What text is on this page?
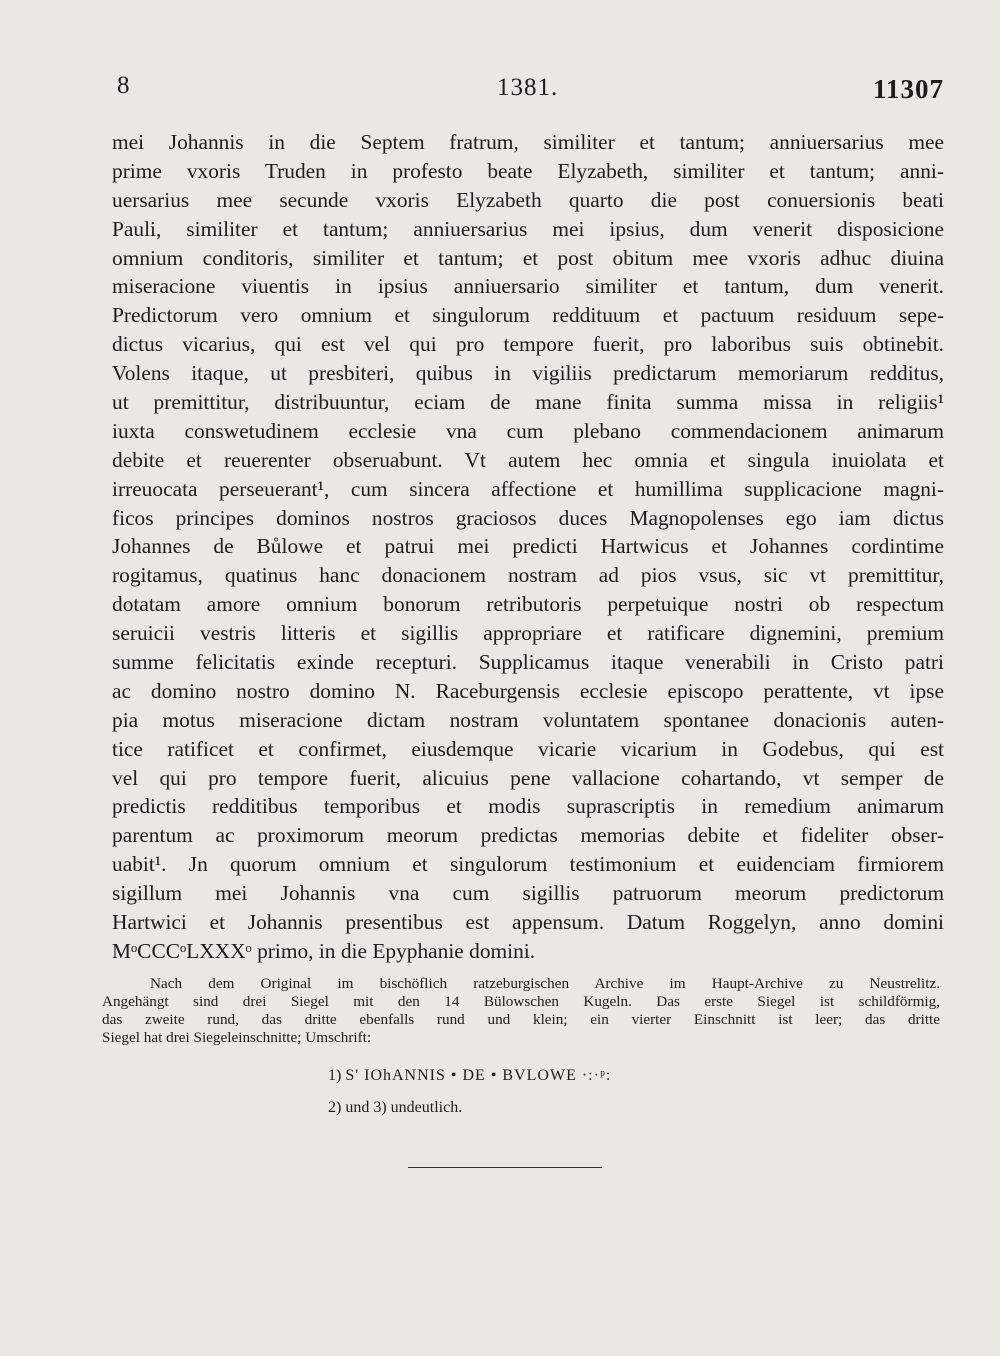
8	1381.	11307
mei Johannis in die Septem fratrum, similiter et tantum; anniuersarius mee
prime vxoris Truden in profesto beate Elyzabeth, similiter et tantum; anni-
uersarius mee secunde vxoris Elyzabeth quarto die post conuersionis beati
Pauli, similiter et tantum; anniuersarius mei ipsius, dum venerit disposicione
omnium conditoris, similiter et tantum; et post obitum mee vxoris adhuc diuina
miseracione viuentis in ipsius anniuersario similiter et tantum, dum venerit.
Predictorum vero omnium et singulorum reddituum et pactuum residuum sepe-
dictus vicarius, qui est vel qui pro tempore fuerit, pro laboribus suis obtinebit.
Volens itaque, ut presbiteri, quibus in vigiliis predictarum memoriarum redditus,
ut premittitur, distribuuntur, eciam de mane finita summa missa in religiis¹
iuxta conswetudinem ecclesie vna cum plebano commendacionem animarum
debite et reuerenter obseruabunt. Vt autem hec omnia et singula inuiolata et
irreuocata perseuerant¹, cum sincera affectione et humillima supplicacione magni-
ficos principes dominos nostros graciosos duces Magnopolenses ego iam dictus
Johannes de Bůlowe et patrui mei predicti Hartwicus et Johannes cordintime
rogitamus, quatinus hanc donacionem nostram ad pios vsus, sic vt premittitur,
dotatam amore omnium bonorum retributoris perpetuique nostri ob respectum
seruicii vestris litteris et sigillis appropriare et ratificare dignemini, premium
summe felicitatis exinde recepturi. Supplicamus itaque venerabili in Cristo patri
ac domino nostro domino N. Raceburgensis ecclesie episcopo perattente, vt ipse
pia motus miseracione dictam nostram voluntatem spontanee donacionis auten-
tice ratificet et confirmet, eiusdemque vicarie vicarium in Godebus, qui est
vel qui pro tempore fuerit, alicuius pene vallacione cohartando, vt semper de
predictis redditibus temporibus et modis suprascriptis in remedium animarum
parentum ac proximorum meorum predictas memorias debite et fideliter obser-
uabit¹. Jn quorum omnium et singulorum testimonium et euidenciam firmiorem
sigillum mei Johannis vna cum sigillis patruorum meorum predictorum
Hartwici et Johannis presentibus est appensum. Datum Roggelyn, anno domini
MᵒCCCᵒLXXXᵒ primo, in die Epyphanie domini.
Nach dem Original im bischöflich ratzeburgischen Archive im Haupt-Archive zu Neustrelitz.
Angehängt sind drei Siegel mit den 14 Bülowschen Kugeln. Das erste Siegel ist schildförmig,
das zweite rund, das dritte ebenfalls rund und klein; ein vierter Einschnitt ist leer; das dritte
Siegel hat drei Siegeleinschnitte; Umschrift:
1) S' IOhANNIS • DE • BVLOWE ·:·ᵖ:
2) und 3) undeutlich.
